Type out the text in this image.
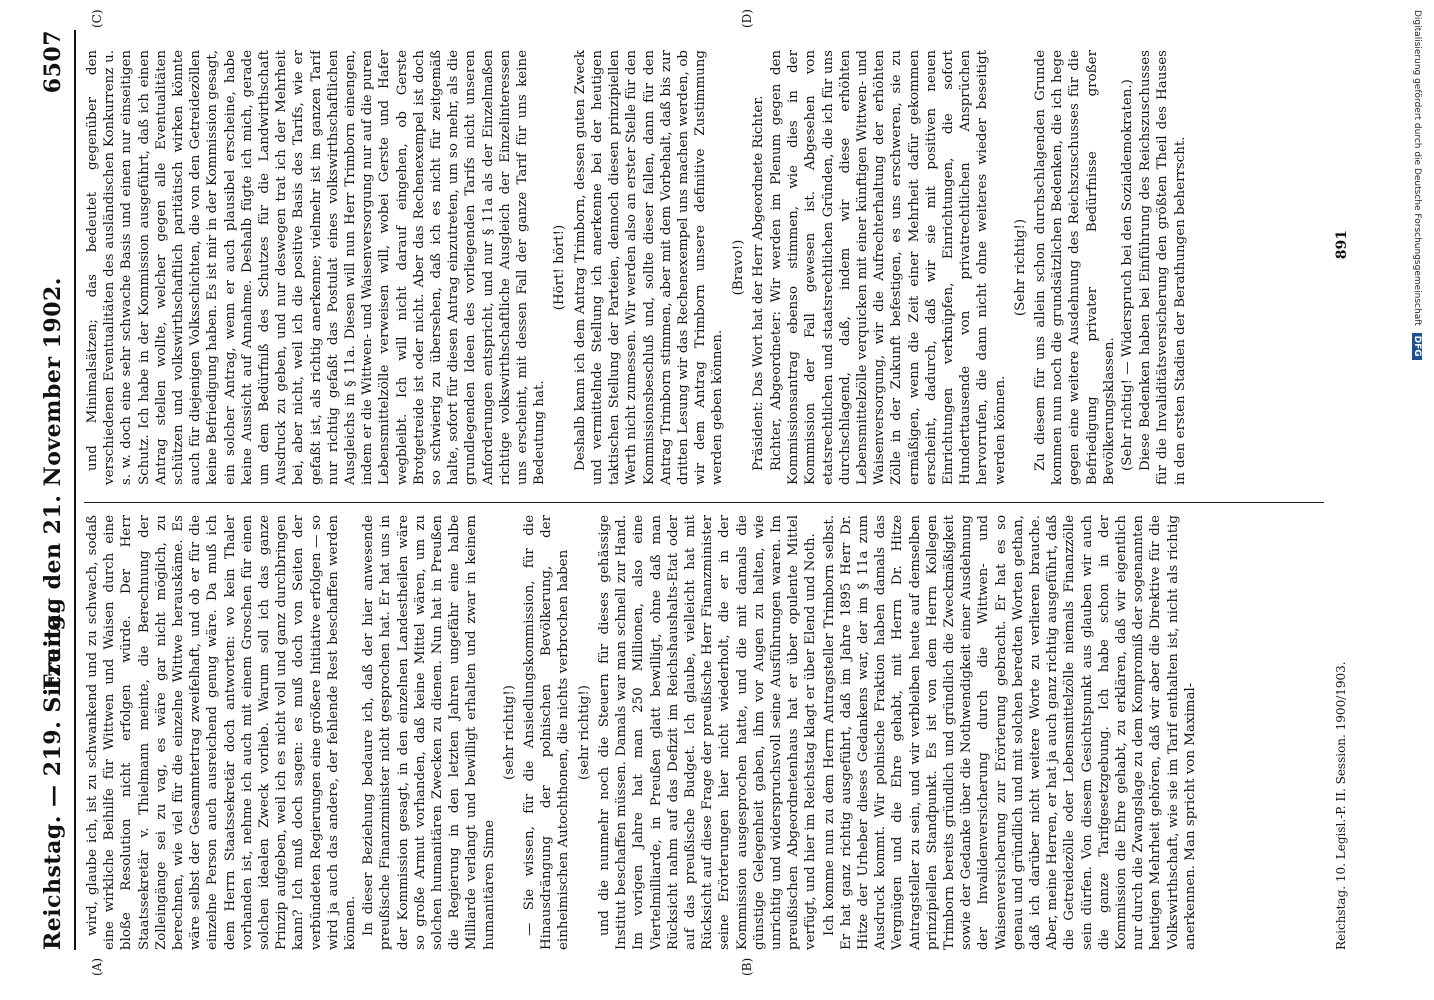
Reichstag. — 219. Sitzung.
Freitag den 21. November 1902.
6507

wird, glaube ich, ist zu schwankend und zu schwach, sodaß eine wirkliche Beihilfe für Wittwen und Waisen durch eine bloße Resolution nicht erfolgen würde. Der Herr Staatssekretär v. Thielmann meinte, die Berechnung der Zolleingänge sei zu vag, es wäre gar nicht möglich, zu berechnen, wie viel für die einzelne Wittwe herauskäme. Es wäre selbst der Gesammtertrag zweifelhaft, und ob er für die einzelne Person auch ausreichend genug wäre. Da muß ich dem Herrn Staatssekretär doch antworten: wo kein Thaler vorhanden ist, nehme ich auch mit einem Groschen für einen solchen idealen Zweck vorlieb. Warum soll ich das ganze Prinzip aufgeben, weil ich es nicht voll und ganz durchbringen kann? Ich muß doch sagen: es muß doch von Seiten der verbündeten Regierungen eine größere Initiative erfolgen — so wird ja auch das andere, der fehlende Rest beschaffen werden können. In dieser Beziehung bedaure ich, daß der hier anwesende preußische Finanzminister nicht gesprochen hat. Er hat uns in der Kommission gesagt, in den einzelnen Landestheilen wäre so große Armut vorhanden, daß keine Mittel wären, um zu solchen humanitären Zwecken zu dienen. Nun hat in Preußen die Regierung in den letzten Jahren ungefähr eine halbe Milliarde verlangt und bewilligt erhalten und zwar in keinem humanitären Sinne

(sehr richtig!) — Sie wissen, für die Ansiedlungskommission, für die Hinausdrängung der polnischen Bevölkerung, der einheimischen Autochthonen, die nichts verbrochen haben (sehr richtig!) und die nunmehr noch die Steuern für dieses gehässige Institut beschaffen müssen. Damals war man schnell zur Hand. Im vorigen Jahre hat man 250 Millionen, also eine Viertelmilliarde, in Preußen glatt bewilligt, ohne daß man Rücksicht nahm auf das Defizit im Reichshaushalts-Etat oder auf das preußische Budget. Ich glaube, vielleicht hat mit Rücksicht auf diese Frage der preußische Herr Finanzminister seine Erörterungen hier nicht wiederholt, die er in der Kommission ausgesprochen hatte, und die mit damals die günstige Gelegenheit gaben, ihm vor Augen zu halten, wie unrichtig und widerspruchsvoll seine Ausführungen waren. Im preußischen Abgeordnetenhaus hat er über opulente Mittel verfügt, und hier im Reichstag klagt er über Elend und Noth. Ich komme nun zu dem Herrn Antragsteller Trimborn selbst. Er hat ganz richtig ausgeführt, daß im Jahre 1895 Herr Dr. Hitze der Urheber dieses Gedankens war, der im § 11a zum Ausdruck kommt. Wir polnische Fraktion haben damals das Vergnügen und die Ehre gehabt, mit Herrn Dr. Hitze Antragsteller zu sein, und wir verbleiben heute auf demselben prinzipiellen Standpunkt. Es ist von dem Herrn Kollegen Trimborn bereits gründlich und gründlich die Zweckmäßigkeit sowie der Gedanke über die Nothwendigkeit einer Ausdehnung der Invalidenversicherung durch die Wittwen- und Waisenversicherung zur Erörterung gebracht. Er hat es so genau und gründlich und mit solchen beredten Worten gethan, daß ich darüber nicht weitere Worte zu verlieren brauche. Aber, meine Herren, er hat ja auch ganz richtig ausgeführt, daß die Getreidezölle oder Lebensmittelzölle niemals Finanzzölle sein dürfen. Von diesem Gesichtspunkt aus glauben wir auch die ganze Tarifgesetzgebung. Ich habe schon in der Kommission die Ehre gehabt, zu erklären, daß wir eigentlich nur durch die Zwangslage zu dem Kompromiß der sogenannten heutigen Mehrheit gehören, daß wir aber die Direktive für die Volkswirthschaft, wie sie im Tarif enthalten ist, nicht als richtig anerkennen. Man spricht von Maximal-

und Minimalsätzen; das bedeutet gegenüber den verschiedenen Eventualitäten des ausländischen Konkurrenz u. s. w. doch eine sehr schwache Basis und einen nur einseitigen Schutz. Ich habe in der Kommission ausgeführt, daß ich einen Antrag stellen wollte, welcher gegen alle Eventualitäten schützen und volkswirthschaftlich paritätisch wirken könnte auch für diejenigen Volksschichten, die von den Getreidezöllen keine Befriedigung haben. Es ist mir in der Kommission gesagt, ein solcher Antrag, wenn er auch plausibel erscheine, habe keine Aussicht auf Annahme. Deshalb fügte ich mich, gerade um dem Bedürfniß des Schutzes für die Landwirthschaft Ausdruck zu geben, und nur deswegen trat ich der Mehrheit bei, aber nicht, weil ich die positive Basis des Tarifs, wie er gefaßt ist, als richtig anerkenne; vielmehr ist im ganzen Tarif nur richtig gefaßt das Postulat eines volkswirthschaftlichen Ausgleichs in § 11a. Diesen will nun Herr Trimborn einengen, indem er die Wittwen- und Waisenversorgung nur auf die puren Lebensmittelzölle verweisen will, wobei Gerste und Hafer wegbleibt. Ich will nicht darauf eingehen, ob Gerste Brotgetreide ist oder nicht. Aber das Rechenexempel ist doch so schwierig zu übersehen, daß ich es nicht für zeitgemäß halte, sofort für diesen Antrag einzutreten, um so mehr, als die grundlegenden Ideen des vorliegenden Tarifs nicht unseren Anforderungen entspricht, und nur § 11a als der Einzelmaßen richtige volkswirthschaftliche Ausgleich der Einzelinteressen uns erscheint, mit dessen Fall der ganze Tarif für uns keine Bedeutung hat.

(Hört! hört!) Deshalb kann ich dem Antrag Trimborn, dessen guten Zweck und vermittelnde Stellung ich anerkenne bei der heutigen taktischen Stellung der Parteien, dennoch diesen prinzipiellen Werth nicht zumessen. Wir werden also an erster Stelle für den Kommissionsbeschluß und, sollte dieser fallen, dann für den Antrag Trimborn stimmen, aber mit dem Vorbehalt, daß bis zur dritten Lesung wir das Rechenexempel uns machen werden, ob wir dem Antrag Trimborn unsere definitive Zustimmung werden geben können.

(Bravo!) Präsident: Das Wort hat der Herr Abgeordnete Richter. Richter, Abgeordneter: Wir werden im Plenum gegen den Kommissionsantrag ebenso stimmen, wie dies in der Kommission der Fall gewesen ist. Abgesehen von etatsrechtlichen und staatsrechtlichen Gründen, die ich für uns durchschlagend, daß, indem wir diese erhöhten Lebensmittelzölle verquicken mit einer künftigen Wittwen- und Waisenversorgung, wir die Aufrechterhaltung der erhöhten Zölle in der Zukunft befestigen, es uns erschweren, sie zu ermäßigen, wenn die Zeit einer Mehrheit dafür gekommen erscheint, dadurch, daß wir sie mit positiven neuen Einrichtungen verknüpfen, Einrichtungen, die sofort Hunderttausende von privatrechtlichen Ansprüchen hervorrufen, die dann nicht ohne weiteres wieder beseitigt werden können.

(Sehr richtig!) Zu diesem für uns allein schon durchschlagenden Grunde kommen nun noch die grundsätzlichen Bedenken, die ich hege gegen eine weitere Ausdehnung des Reichszuschusses für die Befriedigung privater Bedürfnisse großer Bevölkerungsklassen. (Sehr richtig! — Widerspruch bei den Sozialdemokraten.) Diese Bedenken haben bei Einführung des Reichszuschusses für die Invaliditätsversicherung den größten Theil des Hauses in den ersten Stadien der Berathungen beherrscht.

(A)	(B)
(C)	(D)
Reichstag. 10. Legisl.-P. II. Session. 1900/1903.
891	Digitalisierung gefördert durch die Deutsche Forschungsgemeinschaft DFG
